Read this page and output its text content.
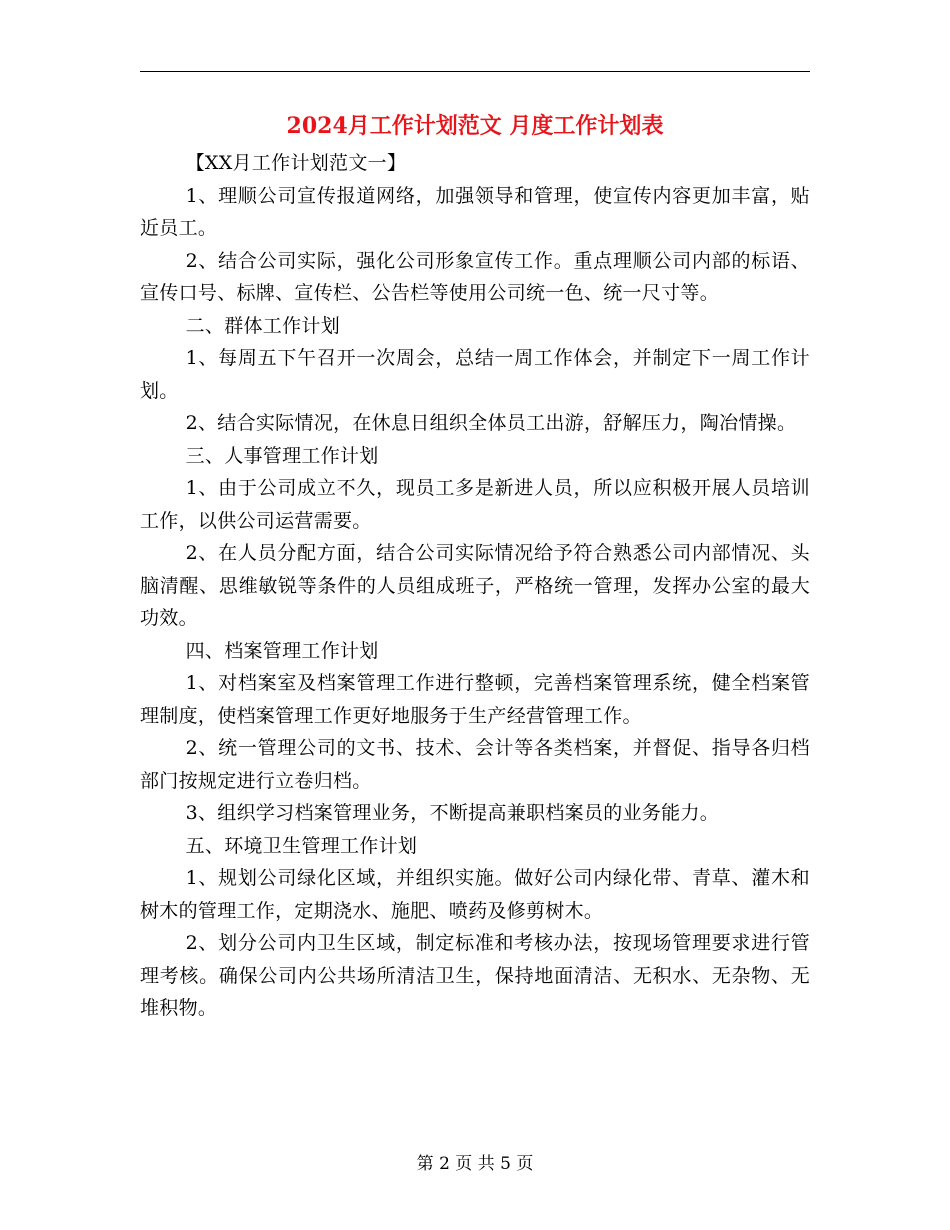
2024月工作计划范文 月度工作计划表

【XX月工作计划范文一】

1、理顺公司宣传报道网络，加强领导和管理，使宣传内容更加丰富，贴近员工。

2、结合公司实际，强化公司形象宣传工作。重点理顺公司内部的标语、宣传口号、标牌、宣传栏、公告栏等使用公司统一色、统一尺寸等。

二、群体工作计划

1、每周五下午召开一次周会，总结一周工作体会，并制定下一周工作计划。

2、结合实际情况，在休息日组织全体员工出游，舒解压力，陶冶情操。

三、人事管理工作计划

1、由于公司成立不久，现员工多是新进人员，所以应积极开展人员培训工作，以供公司运营需要。

2、在人员分配方面，结合公司实际情况给予符合熟悉公司内部情况、头脑清醒、思维敏锐等条件的人员组成班子，严格统一管理，发挥办公室的最大功效。

四、档案管理工作计划

1、对档案室及档案管理工作进行整顿，完善档案管理系统，健全档案管理制度，使档案管理工作更好地服务于生产经营管理工作。

2、统一管理公司的文书、技术、会计等各类档案，并督促、指导各归档部门按规定进行立卷归档。

3、组织学习档案管理业务，不断提高兼职档案员的业务能力。

五、环境卫生管理工作计划

1、规划公司绿化区域，并组织实施。做好公司内绿化带、青草、灌木和树木的管理工作，定期浇水、施肥、喷药及修剪树木。

2、划分公司内卫生区域，制定标准和考核办法，按现场管理要求进行管理考核。确保公司内公共场所清洁卫生，保持地面清洁、无积水、无杂物、无堆积物。

第 2 页 共 5 页
